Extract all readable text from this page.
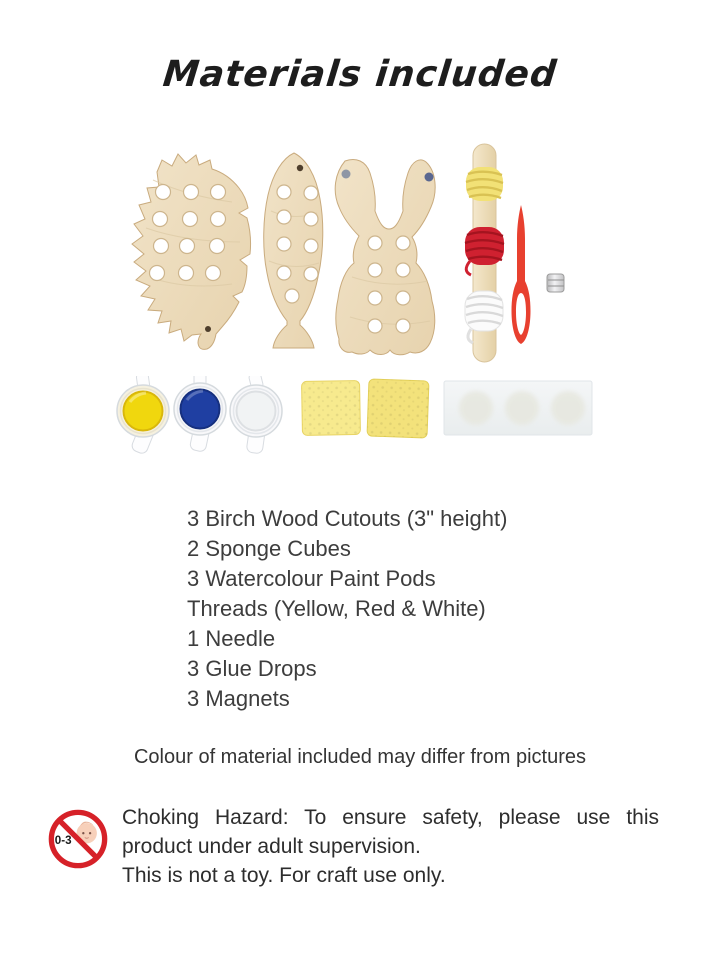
Materials included
3 Birch Wood Cutouts (3" height)
2 Sponge Cubes
3 Watercolour Paint Pods
Threads (Yellow, Red & White)
1 Needle
3 Glue Drops
3 Magnets

Colour of material included may differ from pictures

0-3
Choking Hazard: To ensure safety, please use this
product under adult supervision.
This is not a toy. For craft use only.
